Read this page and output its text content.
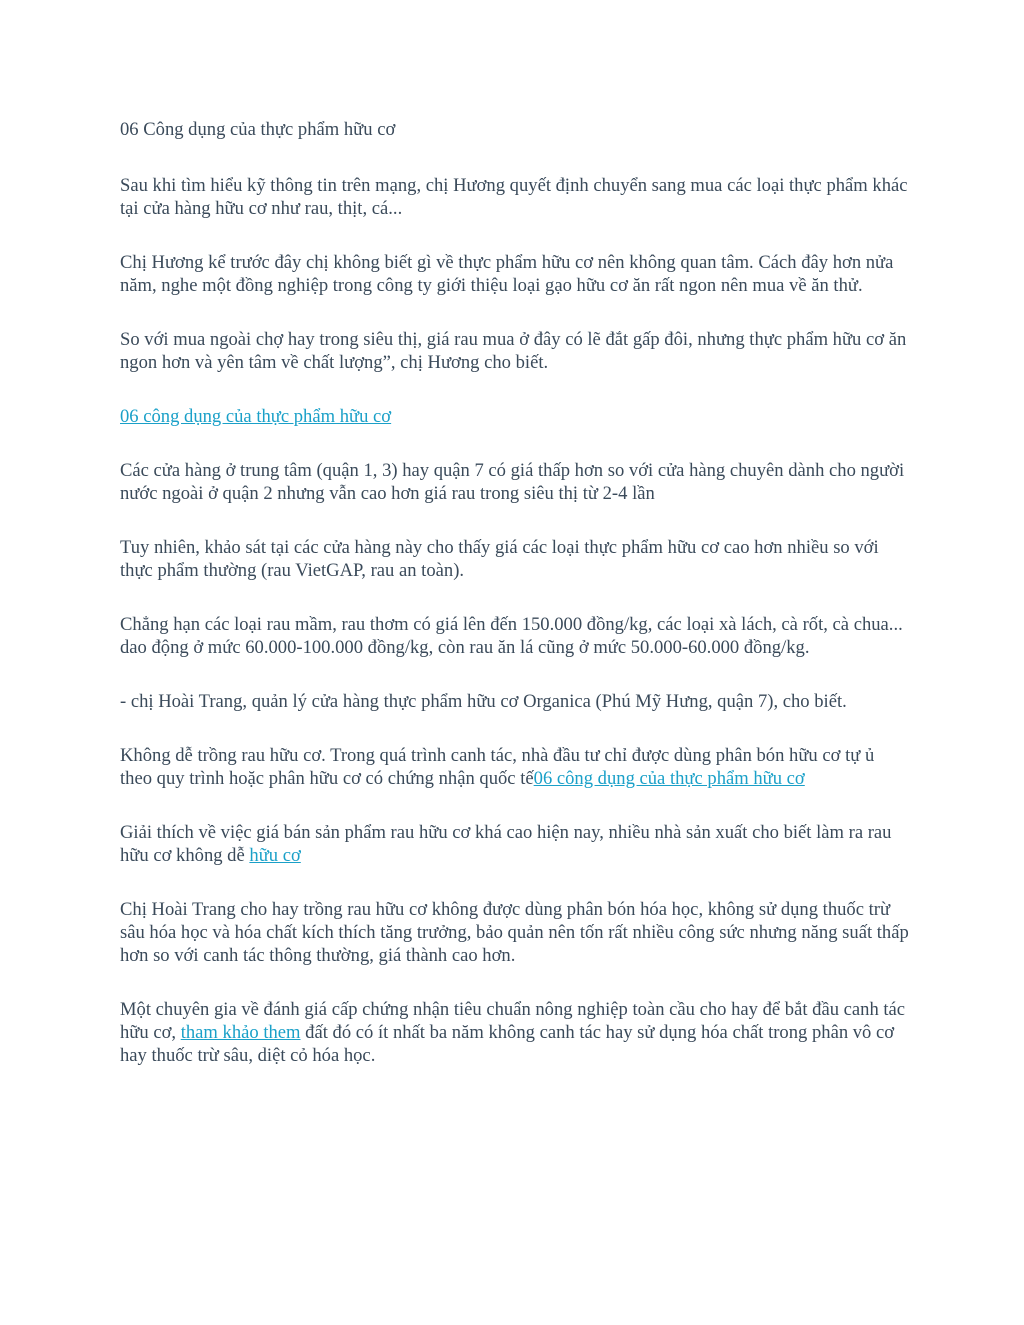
06 Công dụng của thực phẩm hữu cơ

Sau khi tìm hiểu kỹ thông tin trên mạng, chị Hương quyết định chuyển sang mua các loại thực phẩm khác tại cửa hàng hữu cơ như rau, thịt, cá...

Chị Hương kể trước đây chị không biết gì về thực phẩm hữu cơ nên không quan tâm. Cách đây hơn nửa năm, nghe một đồng nghiệp trong công ty giới thiệu loại gạo hữu cơ ăn rất ngon nên mua về ăn thử.

So với mua ngoài chợ hay trong siêu thị, giá rau mua ở đây có lẽ đắt gấp đôi, nhưng thực phẩm hữu cơ ăn ngon hơn và yên tâm về chất lượng”, chị Hương cho biết.

06 công dụng của thực phẩm hữu cơ

Các cửa hàng ở trung tâm (quận 1, 3) hay quận 7 có giá thấp hơn so với cửa hàng chuyên dành cho người nước ngoài ở quận 2 nhưng vẫn cao hơn giá rau trong siêu thị từ 2-4 lần

Tuy nhiên, khảo sát tại các cửa hàng này cho thấy giá các loại thực phẩm hữu cơ cao hơn nhiều so với thực phẩm thường (rau VietGAP, rau an toàn).

Chẳng hạn các loại rau mầm, rau thơm có giá lên đến 150.000 đồng/kg, các loại xà lách, cà rốt, cà chua... dao động ở mức 60.000-100.000 đồng/kg, còn rau ăn lá cũng ở mức 50.000-60.000 đồng/kg.

- chị Hoài Trang, quản lý cửa hàng thực phẩm hữu cơ Organica (Phú Mỹ Hưng, quận 7), cho biết.

Không dễ trồng rau hữu cơ. Trong quá trình canh tác, nhà đầu tư chỉ được dùng phân bón hữu cơ tự ủ theo quy trình hoặc phân hữu cơ có chứng nhận quốc tế06 công dụng của thực phẩm hữu cơ

Giải thích về việc giá bán sản phẩm rau hữu cơ khá cao hiện nay, nhiều nhà sản xuất cho biết làm ra rau hữu cơ không dễ hữu cơ

Chị Hoài Trang cho hay trồng rau hữu cơ không được dùng phân bón hóa học, không sử dụng thuốc trừ sâu hóa học và hóa chất kích thích tăng trưởng, bảo quản nên tốn rất nhiều công sức nhưng năng suất thấp hơn so với canh tác thông thường, giá thành cao hơn.

Một chuyên gia về đánh giá cấp chứng nhận tiêu chuẩn nông nghiệp toàn cầu cho hay để bắt đầu canh tác hữu cơ, tham khảo them đất đó có ít nhất ba năm không canh tác hay sử dụng hóa chất trong phân vô cơ hay thuốc trừ sâu, diệt cỏ hóa học.
